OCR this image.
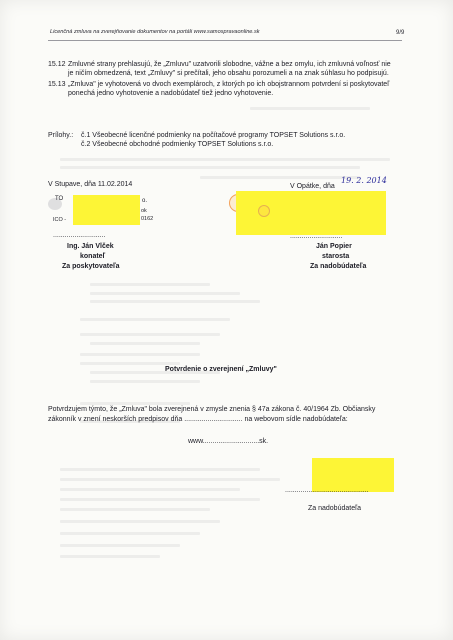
Licenčná zmluva na zverejňovanie dokumentov na portáli www.samospravaonline.sk	9/9
15.12 Zmluvné strany prehlasujú, že „Zmluvu" uzatvorili slobodne, vážne a bez omylu, ich zmluvná voľnosť nie
je ničím obmedzená, text „Zmluvy" si prečítali, jeho obsahu porozumeli a na znak súhlasu ho podpisujú.
15.13 „Zmluva" je vyhotovená vo dvoch exemplároch, z ktorých po ich obojstrannom potvrdení si poskytovateľ
ponechá jedno vyhotovenie a nadobúdateľ tiež jedno vyhotovenie.
Prílohy.: č.1 Všeobecné licenčné podmienky na počítačové programy TOPSET Solutions s.r.o.
č.2 Všeobecné obchodné podmienky TOPSET Solutions s.r.o.
V Stupave, dňa 11.02.2014
TO	o.
ICO -
ok
0162
...........................
Ing. Ján Vlček
konateľ
Za poskytovateľa
V Opátke, dňa
19. 2. 2014
...........................
Ján Popier
starosta
Za nadobúdateľa
Potvrdenie o zverejnení „Zmluvy"
Potvrdzujem týmto, že „Zmluva" bola zverejnená v zmysle znenia § 47a zákona č. 40/1964 Zb. Občiansky
zákonník v znení neskorších predpisov dňa .............................. na webovom sídle nadobúdateľa:
www.............................sk.
...........................................
Za nadobúdateľa
